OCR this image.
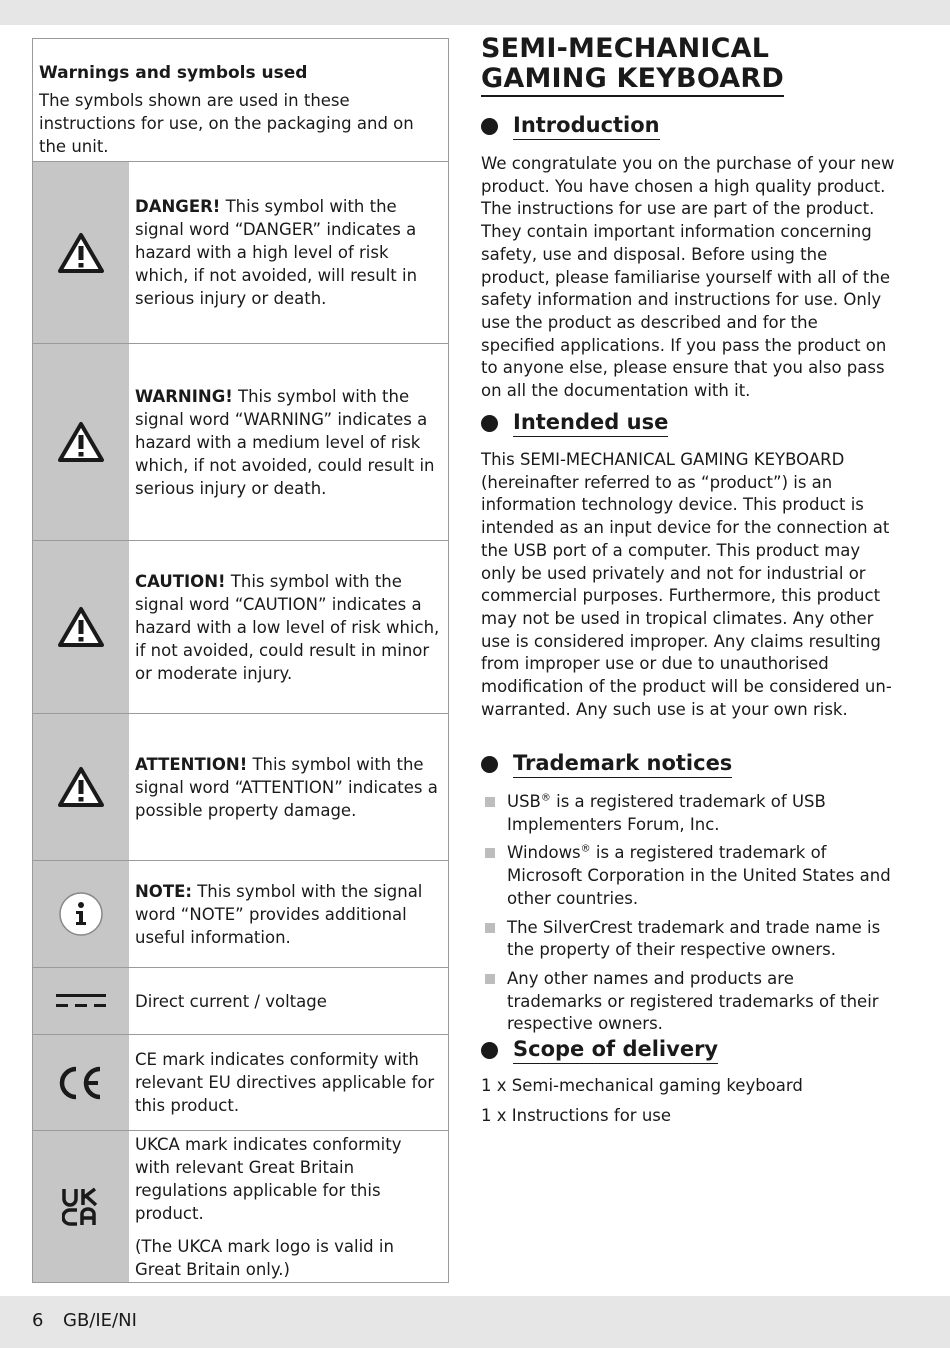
Warnings and symbols used
The symbols shown are used in these instructions for use, on the packaging and on the unit.
DANGER! This symbol with the signal word “DANGER” indicates a hazard with a high level of risk which, if not avoided, will result in serious injury or death.
WARNING! This symbol with the signal word “WARNING” indicates a hazard with a medium level of risk which, if not avoided, could result in serious injury or death.
CAUTION! This symbol with the signal word “CAUTION” indicates a hazard with a low level of risk which, if not avoided, could result in minor or moderate injury.
ATTENTION! This symbol with the signal word “ATTENTION” indicates a possible property damage.
NOTE: This symbol with the signal word “NOTE” provides additional useful information.
Direct current / voltage
CE mark indicates conformity with relevant EU directives applicable for this product.
UKCA mark indicates conformity with relevant Great Britain regulations applicable for this product.
(The UKCA mark logo is valid in Great Britain only.)
SEMI-MECHANICAL
GAMING KEYBOARD
Introduction
We congratulate you on the purchase of your new product. You have chosen a high quality product. The instructions for use are part of the product. They contain important information concerning safety, use and disposal. Before using the product, please familiarise yourself with all of the safety information and instructions for use. Only use the product as described and for the specified applications. If you pass the product on to anyone else, please ensure that you also pass on all the documentation with it.
Intended use
This SEMI-MECHANICAL GAMING KEYBOARD (hereinafter referred to as “product”) is an information technology device. This product is intended as an input device for the connection at the USB port of a computer. This product may only be used privately and not for industrial or commercial purposes. Furthermore, this product may not be used in tropical climates. Any other use is considered improper. Any claims resulting from improper use or due to unauthorised modification of the product will be considered un-warranted. Any such use is at your own risk.
Trademark notices
USB® is a registered trademark of USB Implementers Forum, Inc.
Windows® is a registered trademark of Microsoft Corporation in the United States and other countries.
The SilverCrest trademark and trade name is the property of their respective owners.
Any other names and products are trademarks or registered trademarks of their respective owners.
Scope of delivery
1 x Semi-mechanical gaming keyboard
1 x Instructions for use
6 GB/IE/NI
